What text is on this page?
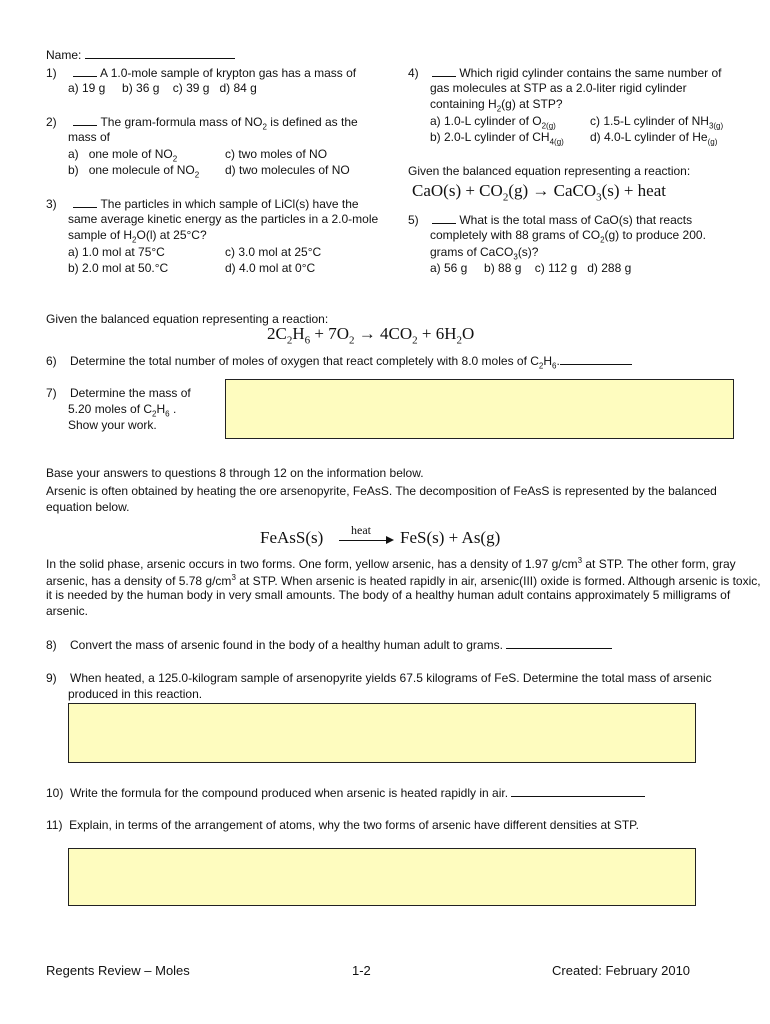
Name:
1)	A 1.0-mole sample of krypton gas has a mass of
a) 19 g b) 36 g c) 39 g d) 84 g
2)	The gram-formula mass of $NO_2$ is defined as the
mass of
a) one mole of $NO_2$	c) two moles of NO
b) one molecule of $NO_2$ d) two molecules of NO
3)	The particles in which sample of LiCl(s) have the
same average kinetic energy as the particles in a 2.0-mole
sample of $H_2O(l)$ at 25°C?
a) 1.0 mol at 75°C	c) 3.0 mol at 25°C
b) 2.0 mol at 50.°C	d) 4.0 mol at 0°C
4)	Which rigid cylinder contains the same number of
gas molecules at STP as a 2.0-liter rigid cylinder
containing $H_2(g)$ at STP?
a) 1.0-L cylinder of $O_{2(g)}$	c) 1.5-L cylinder of $NH_{3(g)}$
b) 2.0-L cylinder of $CH_{4(g)}$ d) 4.0-L cylinder of $He_{(g)}$
Given the balanced equation representing a reaction:
$CaO(s) + CO_2(g)$ → CaCO$_3$(s) + heat
5)	What is the total mass of CaO(s) that reacts
completely with 88 grams of $CO_2(g)$ to produce 200.
grams of CaCO$_3$(s)?
a) 56 g b) 88 g c) 112 g d) 288 g
Given the balanced equation representing a reaction:
$2C_2H_6 + 7O_2 \to 4CO_2 + 6H_2O$
6) Determine the total number of moles of oxygen that react completely with 8.0 moles of $C_2H_6$.
7) Determine the mass of
5.20 moles of $C_2H_6$ .
Show your work.
Base your answers to questions 8 through 12 on the information below.
Arsenic is often obtained by heating the ore arsenopyrite, FeAsS. The decomposition of FeAsS is represented by the balanced
equation below.
FeAsS(s) heat FeS(s) + As(g)
In the solid phase, arsenic occurs in two forms. One form, yellow arsenic, has a density of 1.97 $g/cm^3$ at STP. The other form, gray
arsenic, has a density of 5.78 $g/cm^3$ at STP. When arsenic is heated rapidly in air, arsenic(III) oxide is formed. Although arsenic is toxic,
it is needed by the human body in very small amounts. The body of a healthy human adult contains approximately 5 milligrams of
arsenic.
8) Convert the mass of arsenic found in the body of a healthy human adult to grams.
9) When heated, a 125.0-kilogram sample of arsenopyrite yields 67.5 kilograms of FeS. Determine the total mass of arsenic
produced in this reaction.
10) Write the formula for the compound produced when arsenic is heated rapidly in air.
11) Explain, in terms of the arrangement of atoms, why the two forms of arsenic have different densities at STP.
Regents Review – Moles	1-2	Created: February 2010
